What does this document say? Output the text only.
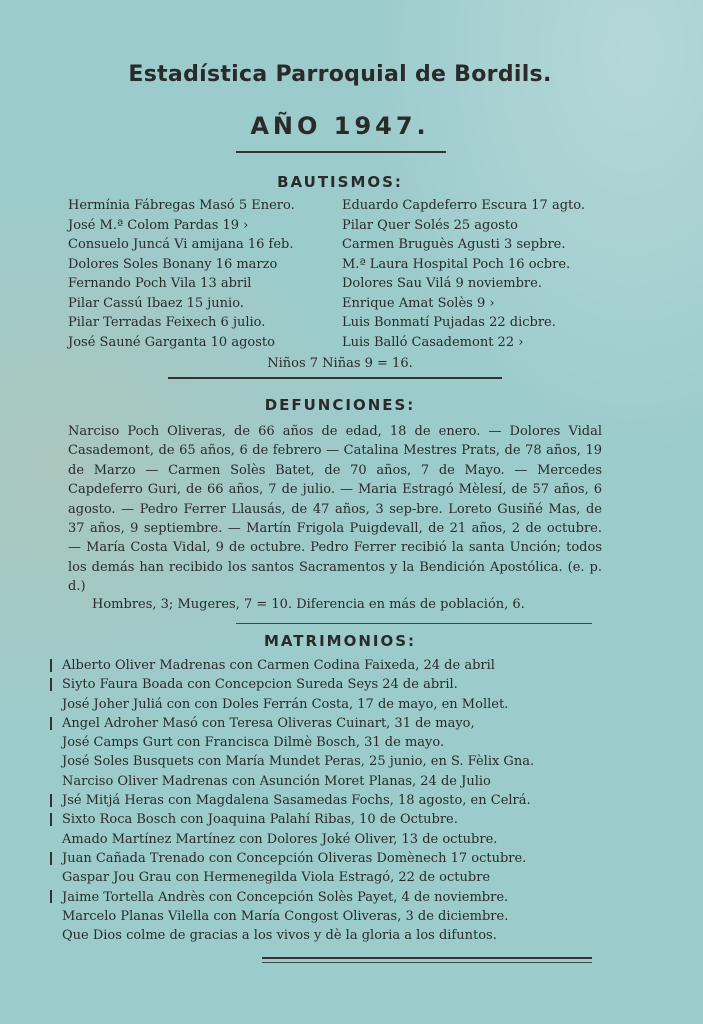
Estadística Parroquial de Bordils.
AÑO 1947.
BAUTISMOS:
Hermínia Fábregas Masó 5 Enero.
José M.ª Colom Pardas 19 ›
Consuelo Juncá Vi amijana 16 feb.
Dolores Soles Bonany 16 marzo
Fernando Poch Vila 13 abril
Pilar Cassú Ibaez 15 junio.
Pilar Terradas Feixech 6 julio.
José Sauné Garganta 10 agosto
Eduardo Capdeferro Escura 17 agto.
Pilar Quer Solés 25 agosto
Carmen Bruguès Agusti 3 sepbre.
M.ª Laura Hospital Poch 16 ocbre.
Dolores Sau Vilá 9 noviembre.
Enrique Amat Solès 9 ›
Luis Bonmatí Pujadas 22 dicbre.
Luis Balló Casademont 22 ›
Niños 7 Niñas 9 = 16.
DEFUNCIONES:
Narciso Poch Oliveras, de 66 años de edad, 18 de enero. — Dolores Vidal Casademont, de 65 años, 6 de febrero — Catalina Mestres Prats, de 78 años, 19 de Marzo — Carmen Solès Batet, de 70 años, 7 de Mayo. — Mercedes Capdeferro Guri, de 66 años, 7 de julio. — Maria Estragó Mèlesí, de 57 años, 6 agosto. — Pedro Ferrer Llausás, de 47 años, 3 sep-bre. Loreto Gusiñé Mas, de 37 años, 9 septiembre. — Martín Frigola Puigdevall, de 21 años, 2 de octubre. — María Costa Vidal, 9 de octubre. Pedro Ferrer recibió la santa Unción; todos los demás han recibido los santos Sacramentos y la Bendición Apostólica. (e. p. d.)
Hombres, 3; Mugeres, 7 = 10. Diferencia en más de población, 6.
MATRIMONIOS:
Alberto Oliver Madrenas con Carmen Codina Faixeda, 24 de abril
Siyto Faura Boada con Concepcion Sureda Seys 24 de abril.
José Joher Juliá con con Doles Ferrán Costa, 17 de mayo, en Mollet.
Angel Adroher Masó con Teresa Oliveras Cuinart, 31 de mayo,
José Camps Gurt con Francisca Dilmè Bosch, 31 de mayo.
José Soles Busquets con María Mundet Peras, 25 junio, en S. Fèlix Gna.
Narciso Oliver Madrenas con Asunción Moret Planas, 24 de Julio
Jsé Mitjá Heras con Magdalena Sasamedas Fochs, 18 agosto, en Celrá.
Sixto Roca Bosch con Joaquina Palahí Ribas, 10 de Octubre.
Amado Martínez Martínez con Dolores Joké Oliver, 13 de octubre.
Juan Cañada Trenado con Concepción Oliveras Domènech 17 octubre.
Gaspar Jou Grau con Hermenegilda Viola Estragó, 22 de octubre
Jaime Tortella Andrès con Concepción Solès Payet, 4 de noviembre.
Marcelo Planas Vilella con María Congost Oliveras, 3 de diciembre.
Que Dios colme de gracias a los vivos y dè la gloria a los difuntos.
